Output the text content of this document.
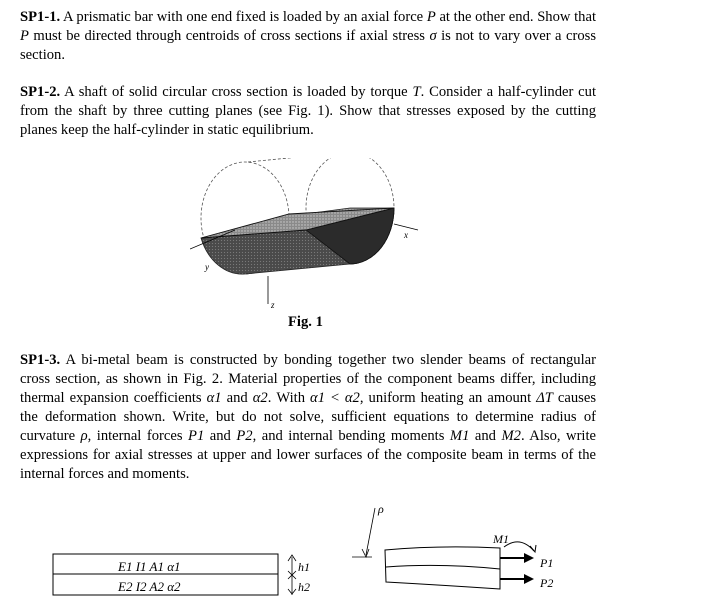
SP1-1. A prismatic bar with one end fixed is loaded by an axial force P at the other end. Show that P must be directed through centroids of cross sections if axial stress σ is not to vary over a cross section.
SP1-2. A shaft of solid circular cross section is loaded by torque T. Consider a half-cylinder cut from the shaft by three cutting planes (see Fig. 1). Show that stresses exposed by the cutting planes keep the half-cylinder in static equilibrium.
y
x
z
Fig. 1
SP1-3. A bi-metal beam is constructed by bonding together two slender beams of rectangular cross section, as shown in Fig. 2. Material properties of the component beams differ, including thermal expansion coefficients α1 and α2. With α1 < α2, uniform heating an amount ΔT causes the deformation shown. Write, but do not solve, sufficient equations to determine radius of curvature ρ, internal forces P1 and P2, and internal bending moments M1 and M2. Also, write expressions for axial stresses at upper and lower surfaces of the composite beam in terms of the internal forces and moments.
E1 I1 A1 α1
E2 I2 A2 α2
h1
h2
ρ
M1
P1
P2
